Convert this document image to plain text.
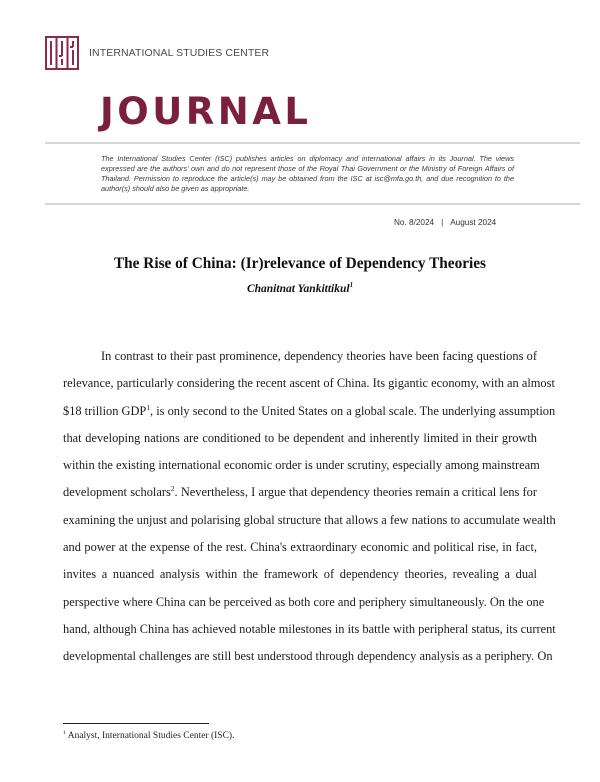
INTERNATIONAL STUDIES CENTER
JOURNAL
The International Studies Center (ISC) publishes articles on diplomacy and international affairs in its Journal. The views expressed are the authors' own and do not represent those of the Royal Thai Government or the Ministry of Foreign Affairs of Thailand. Permission to reproduce the article(s) may be obtained from the ISC at isc@mfa.go.th, and due recognition to the author(s) should also be given as appropriate.
No. 8/2024 | August 2024
The Rise of China: (Ir)relevance of Dependency Theories
Chanitnat Yankittikul$^1$
In contrast to their past prominence, dependency theories have been facing questions of
relevance, particularly considering the recent ascent of China. Its gigantic economy, with an almost
$18 trillion GDP$^1$, is only second to the United States on a global scale. The underlying assumption
that developing nations are conditioned to be dependent and inherently limited in their growth
within the existing international economic order is under scrutiny, especially among mainstream
development scholars$^2$. Nevertheless, I argue that dependency theories remain a critical lens for
examining the unjust and polarising global structure that allows a few nations to accumulate wealth
and power at the expense of the rest. China's extraordinary economic and political rise, in fact,
invites a nuanced analysis within the framework of dependency theories, revealing a dual
perspective where China can be perceived as both core and periphery simultaneously. On the one
hand, although China has achieved notable milestones in its battle with peripheral status, its current
developmental challenges are still best understood through dependency analysis as a periphery. On
$^1$ Analyst, International Studies Center (ISC).
